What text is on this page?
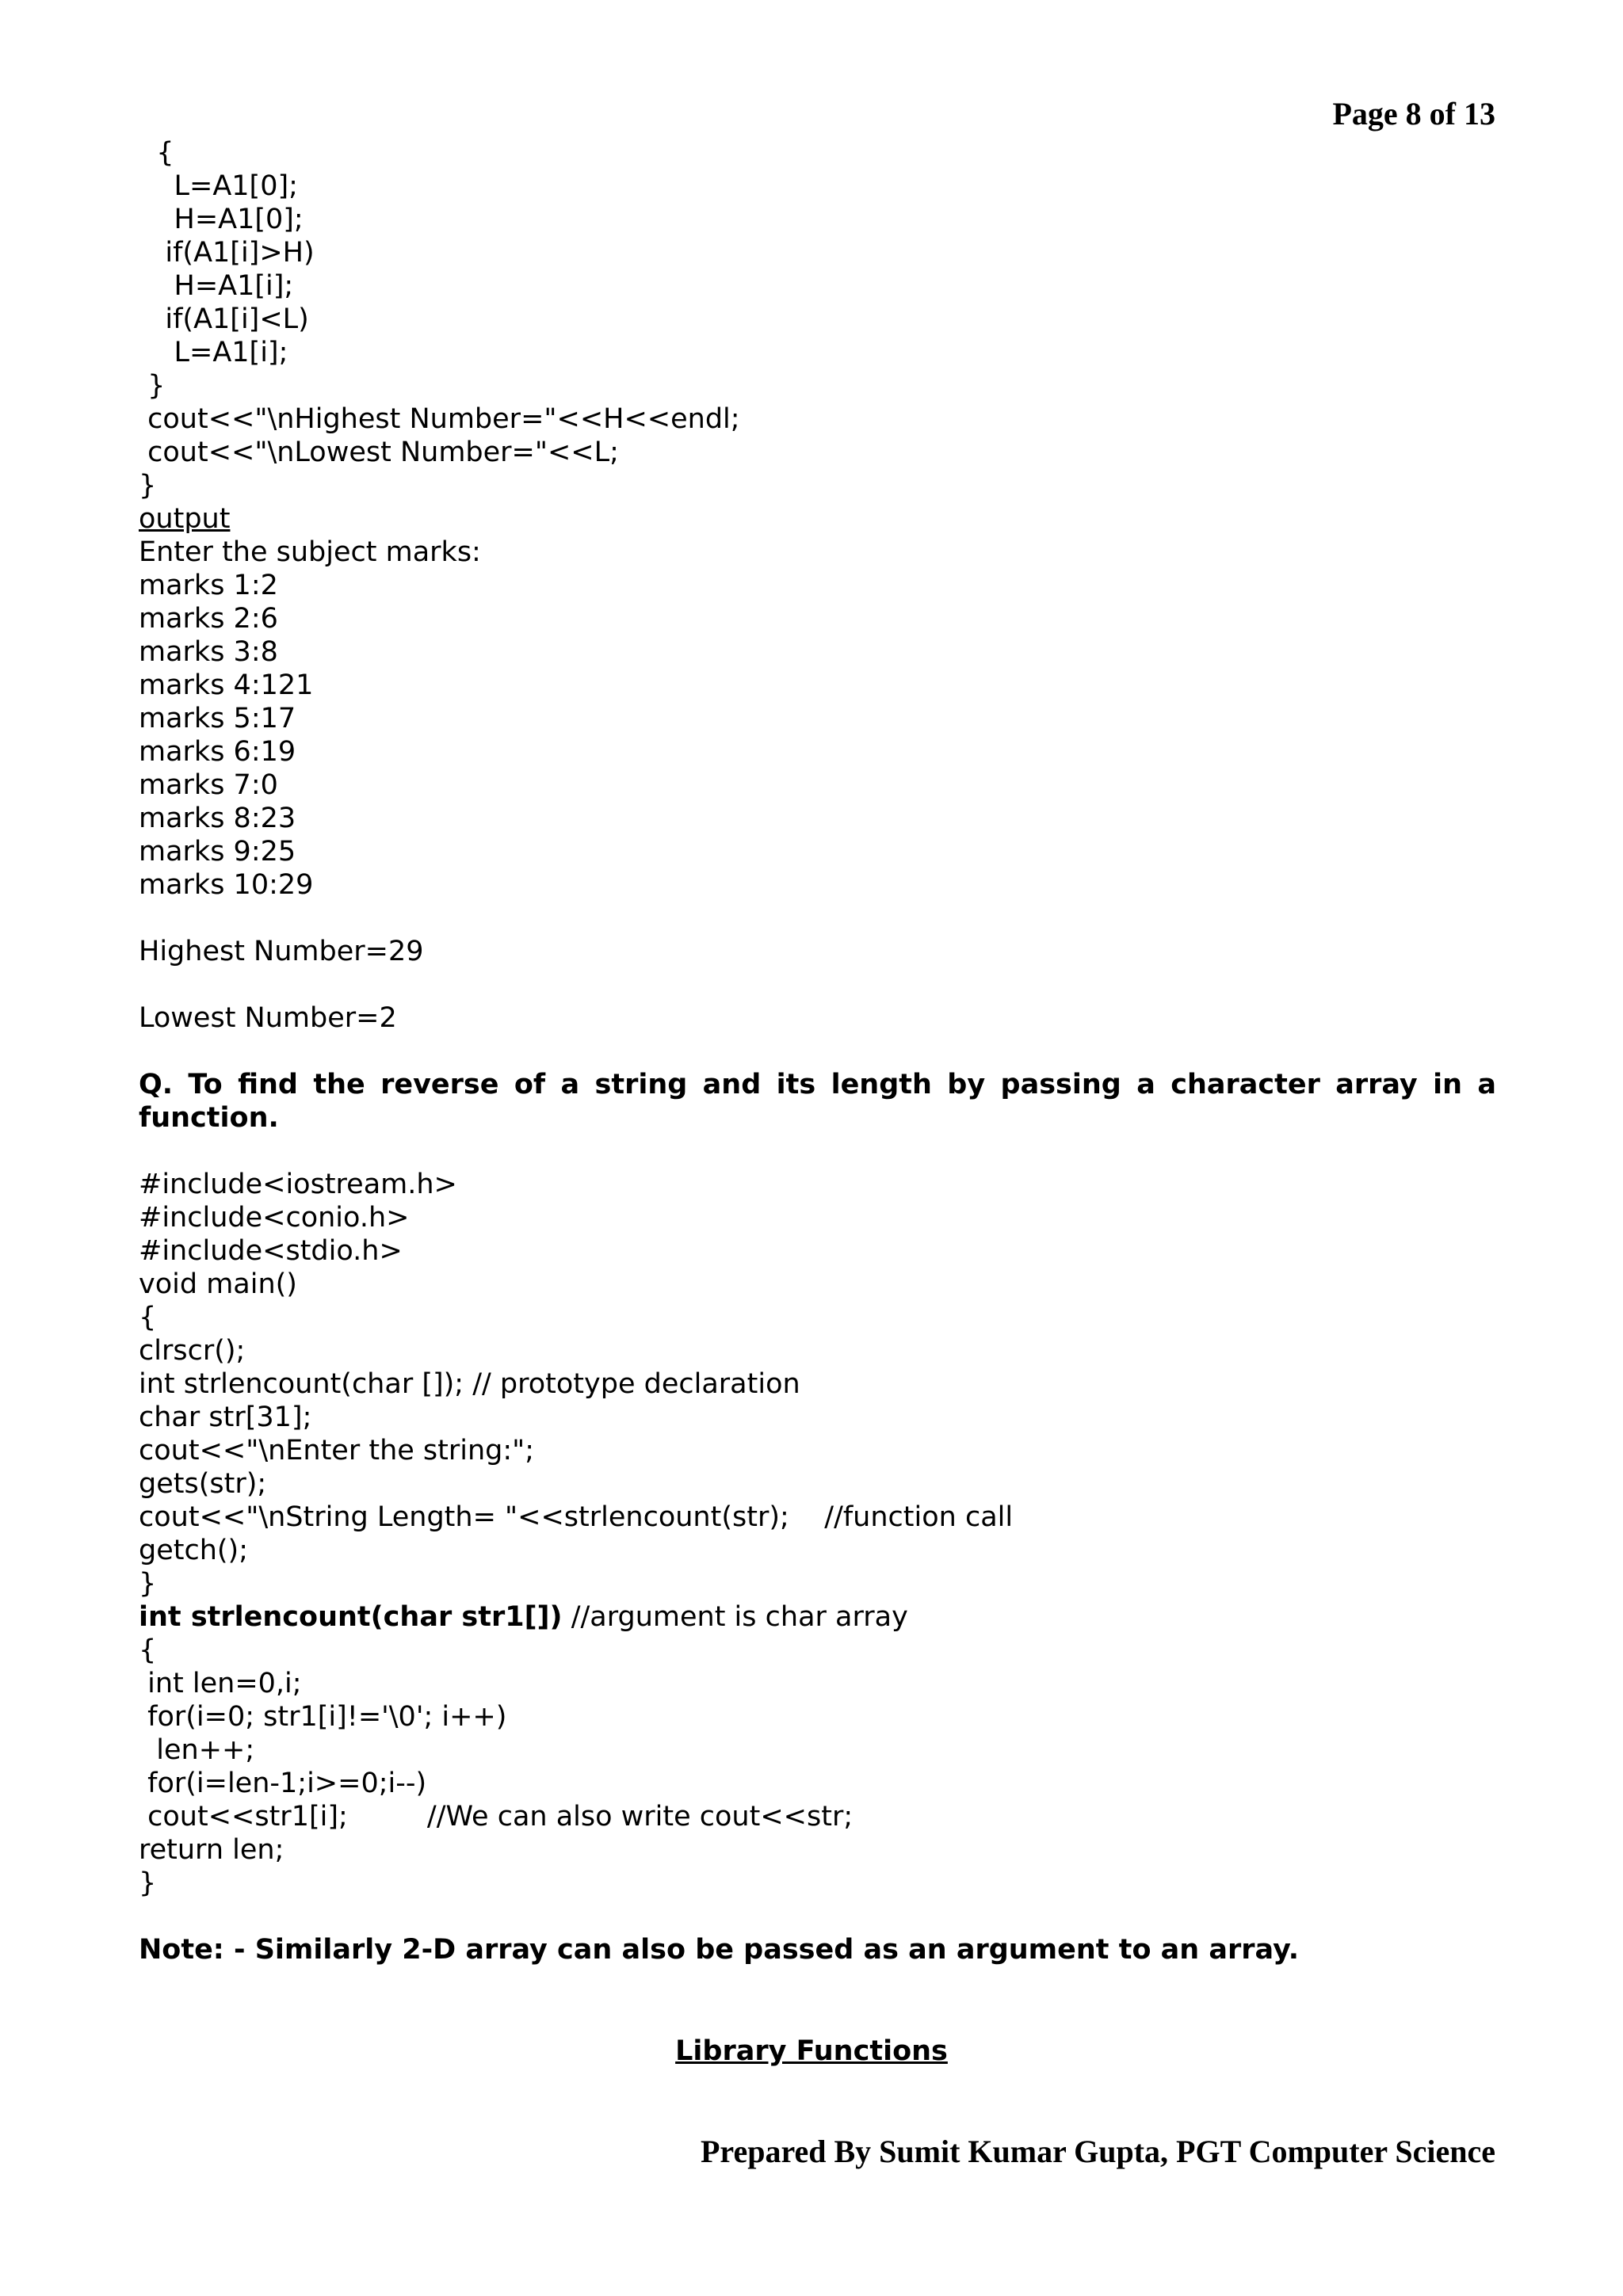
Page 8 of 13
{
L=A1[0];
H=A1[0];
if(A1[i]>H)
H=A1[i];
if(A1[i]<L)
L=A1[i];
}
cout<<"\nHighest Number="<<H<<endl;
cout<<"\nLowest Number="<<L;
}
output
Enter the subject marks:
marks 1:2
marks 2:6
marks 3:8
marks 4:121
marks 5:17
marks 6:19
marks 7:0
marks 8:23
marks 9:25
marks 10:29
Highest Number=29
Lowest Number=2
Q. To find the reverse of a string and its length by passing a character array in a function.
#include<iostream.h>
#include<conio.h>
#include<stdio.h>
void main()
{
clrscr();
int strlencount(char []); // prototype declaration
char str[31];
cout<<"\nEnter the string:";
gets(str);
cout<<"\nString Length= "<<strlencount(str);    //function call
getch();
}
int strlencount(char str1[]) //argument is char array
{
int len=0,i;
for(i=0; str1[i]!='\0'; i++)
len++;
for(i=len-1;i>=0;i--)
cout<<str1[i];         //We can also write cout<<str;
return len;
}
Note: - Similarly 2-D array can also be passed as an argument to an array.
Library Functions
Prepared By Sumit Kumar Gupta, PGT Computer Science
